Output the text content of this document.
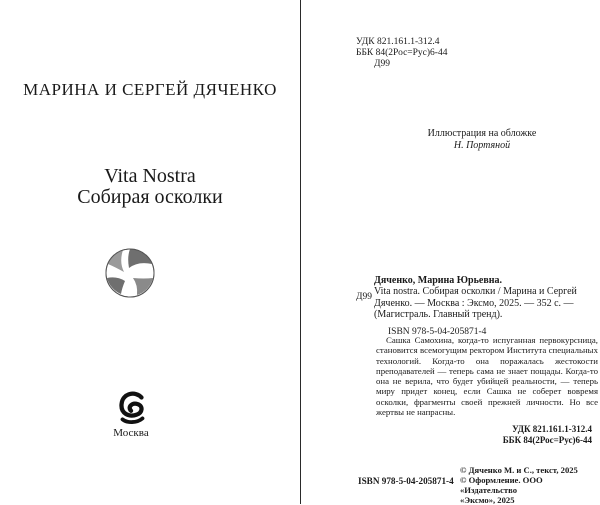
МАРИНА И СЕРГЕЙ ДЯЧЕНКО
Vita Nostra
Собирая осколки
Москва
УДК 821.161.1-312.4
ББК 84(2Рос=Рус)6-44
Д99
Иллюстрация на обложке
Н. Портяной
Дяченко, Марина Юрьевна.
Д99 Vita nostra. Собирая осколки / Марина и Сергей Дяченко. — Москва : Эксмо, 2025. — 352 с. — (Магистраль. Главный тренд).

ISBN 978-5-04-205871-4

Сашка Самохина, когда-то испуганная первокурсница, становится всемогущим ректором Института специальных технологий. Когда-то она поражалась жестокости преподавателей — теперь сама не знает пощады. Когда-то она не верила, что будет убийцей реальности, — теперь миру придет конец, если Сашка не соберет вовремя осколки, фрагменты своей прежней личности. Но все жертвы не напрасны.

УДК 821.161.1-312.4
ББК 84(2Рос=Рус)6-44
ISBN 978-5-04-205871-4
© Дяченко М. и С., текст, 2025
© Оформление. ООО «Издательство
«Эксмо», 2025
